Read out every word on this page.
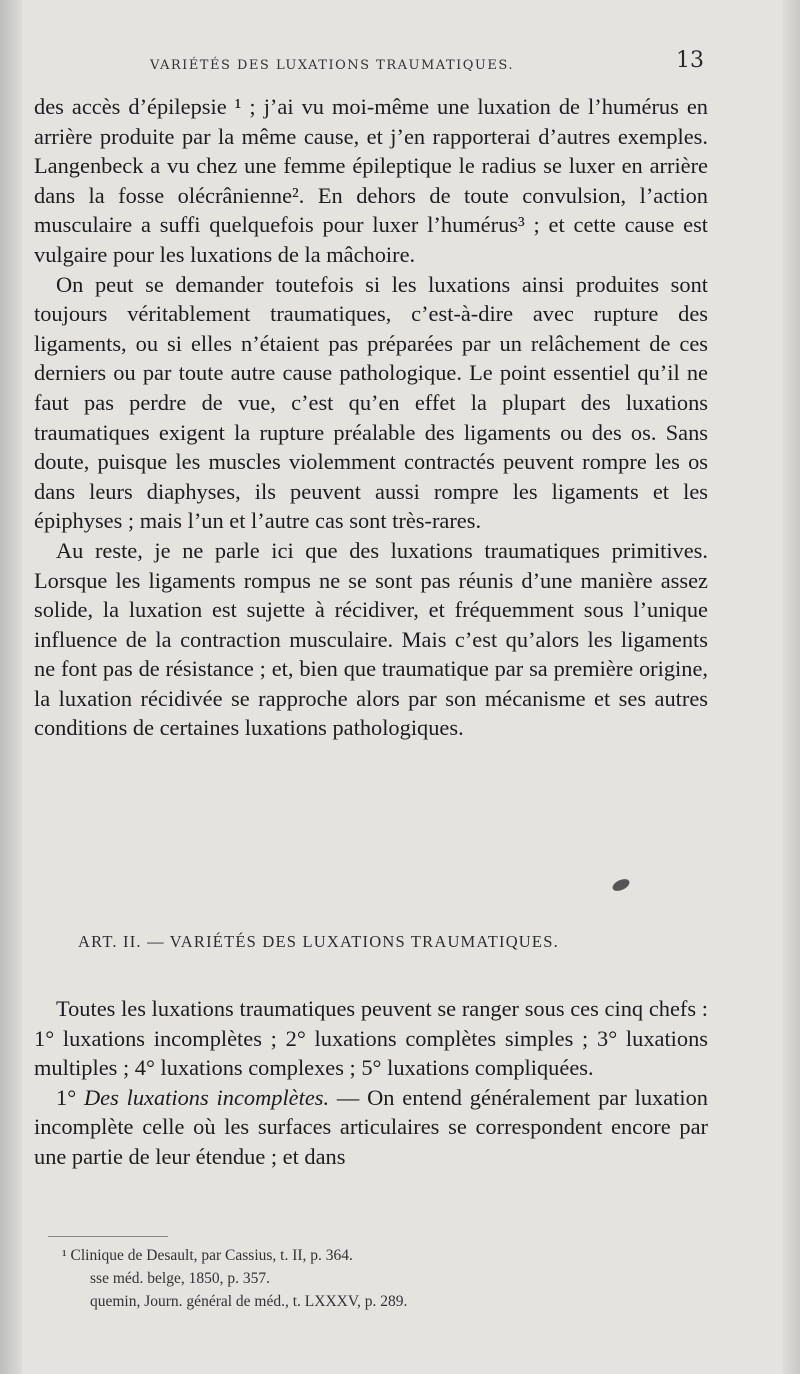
VARIÉTÉS DES LUXATIONS TRAUMATIQUES.	13

des accès d’épilepsie ¹ ; j’ai vu moi-même une luxation de l’humérus en arrière produite par la même cause, et j’en rapporterai d’autres exemples. Langenbeck a vu chez une femme épileptique le radius se luxer en arrière dans la fosse olécrânienne². En dehors de toute convulsion, l’action musculaire a suffi quelquefois pour luxer l’humérus³ ; et cette cause est vulgaire pour les luxations de la mâchoire.

On peut se demander toutefois si les luxations ainsi produites sont toujours véritablement traumatiques, c’est-à-dire avec rupture des ligaments, ou si elles n’étaient pas préparées par un relâchement de ces derniers ou par toute autre cause pathologique. Le point essentiel qu’il ne faut pas perdre de vue, c’est qu’en effet la plupart des luxations traumatiques exigent la rupture préalable des ligaments ou des os. Sans doute, puisque les muscles violemment contractés peuvent rompre les os dans leurs diaphyses, ils peuvent aussi rompre les ligaments et les épiphyses ; mais l’un et l’autre cas sont très-rares.

Au reste, je ne parle ici que des luxations traumatiques primitives. Lorsque les ligaments rompus ne se sont pas réunis d’une manière assez solide, la luxation est sujette à récidiver, et fréquemment sous l’unique influence de la contraction musculaire. Mais c’est qu’alors les ligaments ne font pas de résistance ; et, bien que traumatique par sa première origine, la luxation récidivée se rapproche alors par son mécanisme et ses autres conditions de certaines luxations pathologiques.

ART. II. — VARIÉTÉS DES LUXATIONS TRAUMATIQUES.

Toutes les luxations traumatiques peuvent se ranger sous ces cinq chefs : 1° luxations incomplètes ; 2° luxations complètes simples ; 3° luxations multiples ; 4° luxations complexes ; 5° luxations compliquées.

1° Des luxations incomplètes. — On entend généralement par luxation incomplète celle où les surfaces articulaires se correspondent encore par une partie de leur étendue ; et dans

¹ Clinique de Desault, par Cassius, t. II, p. 364.
sse méd. belge, 1850, p. 357.
quemin, Journ. général de méd., t. LXXXV, p. 289.
